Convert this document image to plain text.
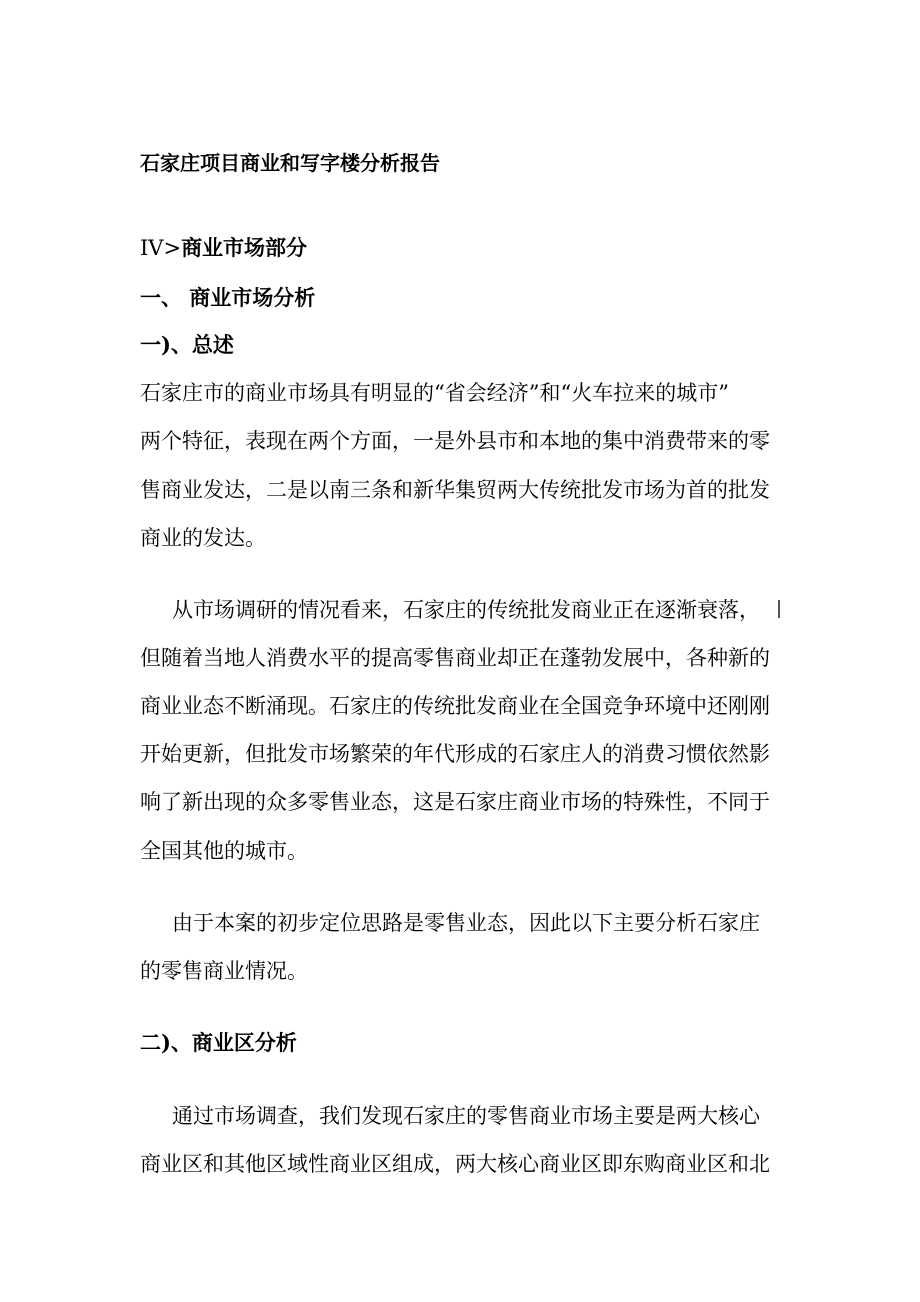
石家庄项目商业和写字楼分析报告
IV>商业市场部分
一、 商业市场分析
一)、总述
石家庄市的商业市场具有明显的“省会经济”和“火车拉来的城市”
两个特征，表现在两个方面，一是外县市和本地的集中消费带来的零
售商业发达，二是以南三条和新华集贸两大传统批发市场为首的批发
商业的发达。
从市场调研的情况看来，石家庄的传统批发商业正在逐渐衰落，
但随着当地人消费水平的提高零售商业却正在蓬勃发展中，各种新的
商业业态不断涌现。石家庄的传统批发商业在全国竞争环境中还刚刚
开始更新，但批发市场繁荣的年代形成的石家庄人的消费习惯依然影
响了新出现的众多零售业态，这是石家庄商业市场的特殊性，不同于
全国其他的城市。
由于本案的初步定位思路是零售业态，因此以下主要分析石家庄
的零售商业情况。
二)、商业区分析
通过市场调查，我们发现石家庄的零售商业市场主要是两大核心
商业区和其他区域性商业区组成，两大核心商业区即东购商业区和北
